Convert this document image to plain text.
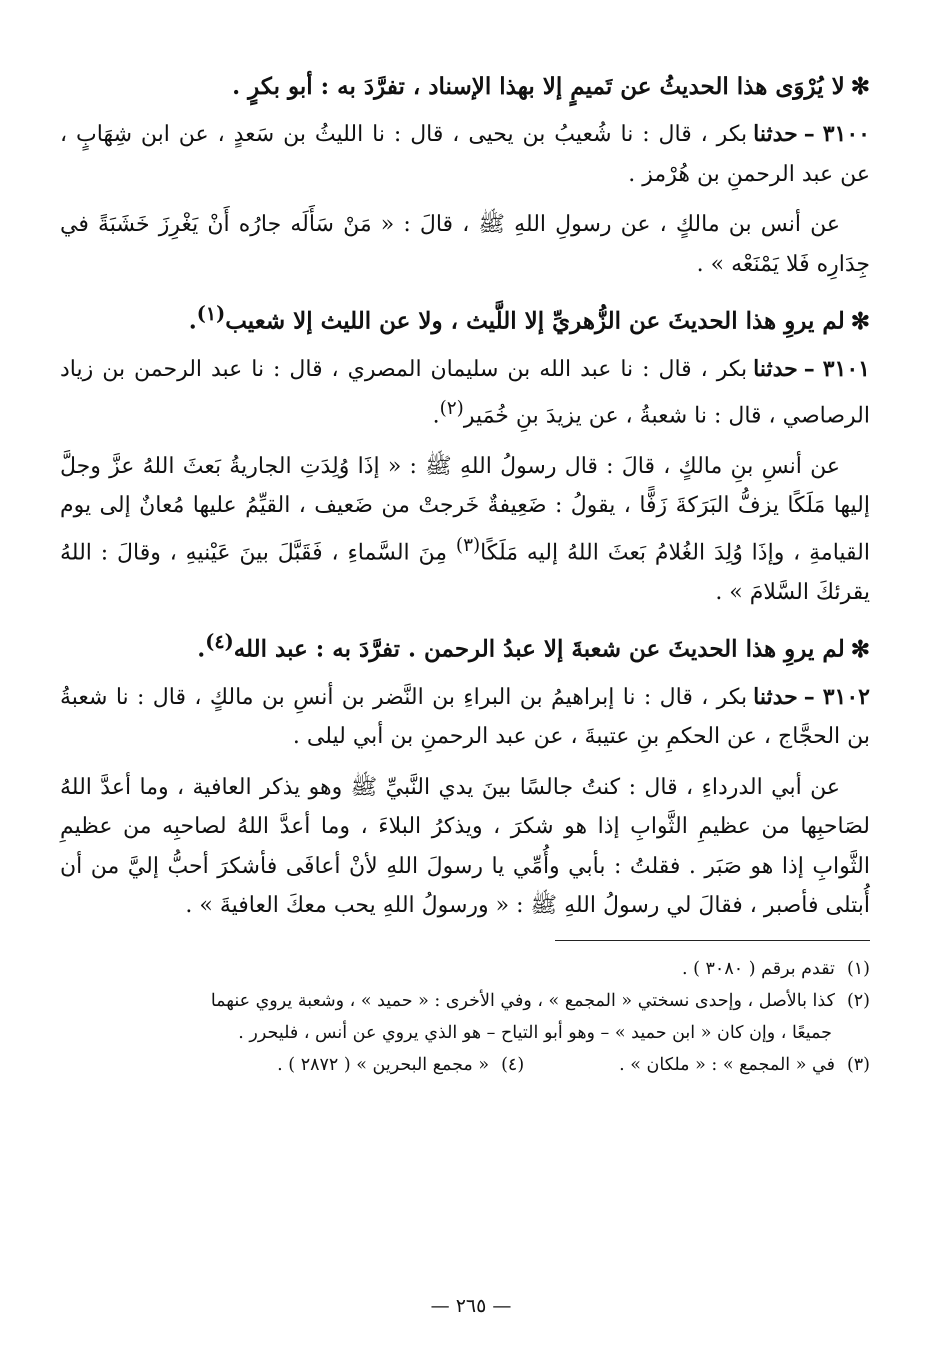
✻لا يُرْوَى هذا الحديثُ عن تَميمٍ إلا بهذا الإسناد ، تفرَّدَ به : أبو بكرٍ .

٣١٠٠–حدثنابكر ، قال : نا شُعيبُ بن يحيى ، قال : نا الليثُ بن سَعدٍ ، عن ابن شِهَابٍ ، عن عبد الرحمنِ بن هُرْمز .

عن أنس بن مالكٍ ، عن رسولِ اللهِ ﷺ ، قالَ : « مَنْ سَأَلَه جارُه أَنْ يَغْرِزَ خَشَبَةً في جِدَارِه فَلا يَمْنَعْه » .

✻لم يروِ هذا الحديثَ عن الزُّهريِّ إلا اللَّيث ، ولا عن الليث إلا شعيب$^{(١)}$.

٣١٠١–حدثنابكر ، قال : نا عبد الله بن سليمان المصري ، قال : نا عبد الرحمن بن زياد الرصاصي ، قال : نا شعبةُ ، عن يزيدَ بنِ خُمَير$^{(٢)}$.

عن أنسِ بنِ مالكٍ ، قالَ : قال رسولُ اللهِ ﷺ : « إذَا وُلِدَتِ الجاريةُ بَعثَ اللهُ عزَّ وجلَّ إليها مَلَكًا يزفُّ البَرَكةَ زَفًّا ، يقولُ : ضَعِيفةٌ خَرجتْ من ضَعيف ، القيِّمُ عليها مُعانٌ إلى يوم القيامةِ ، وإذَا وُلِدَ الغُلامُ بَعثَ اللهُ إليه مَلَكًا$^{(٣)}$ مِنَ السَّماءِ ، فَقَبَّلَ بينَ عَيْنيهِ ، وقالَ : اللهُ يقرئكَ السَّلامَ » .

✻لم يروِ هذا الحديثَ عن شعبةَ إلا عبدُ الرحمن . تفرَّدَ به : عبد الله$^{(٤)}$.

٣١٠٢–حدثنابكر ، قال : نا إبراهيمُ بن البراءِ بن النَّضر بن أنسِ بن مالكٍ ، قال : نا شعبةُ بن الحجَّاج ، عن الحكمِ بنِ عتيبةَ ، عن عبد الرحمنِ بن أبي ليلى .

عن أبي الدرداءِ ، قال : كنتُ جالسًا بينَ يدي النَّبيِّ ﷺ وهو يذكر العافية ، وما أعدَّ اللهُ لصَاحبِها من عظيمِ الثَّوابِ إذا هو شكرَ ، ويذكرُ البلاءَ ، وما أعدَّ اللهُ لصاحبِه من عظيمِ الثَّوابِ إذا هو صَبَر . فقلتُ : بأبي وأُمِّي يا رسولَ اللهِ لأنْ أعافَى فأشكرَ أحبُّ إليَّ من أن أُبتلى فأصبر ، فقالَ لي رسولُ اللهِ ﷺ : « ورسولُ اللهِ يحب معكَ العافيةَ » .

(١)تقدم برقم ( ٣٠٨٠ ) .

(٢)كذا بالأصل ، وإحدى نسختي « المجمع » ، وفي الأخرى : « حميد » ، وشعبة يروي عنهما

جميعًا ، وإن كان « ابن حميد » – وهو أبو التياح – هو الذي يروي عن أنس ، فليحرر .

(٣)في « المجمع » : « ملكان » .
(٤)« مجمع البحرين » ( ٢٨٧٢ ) .
— ٢٦٥ —
